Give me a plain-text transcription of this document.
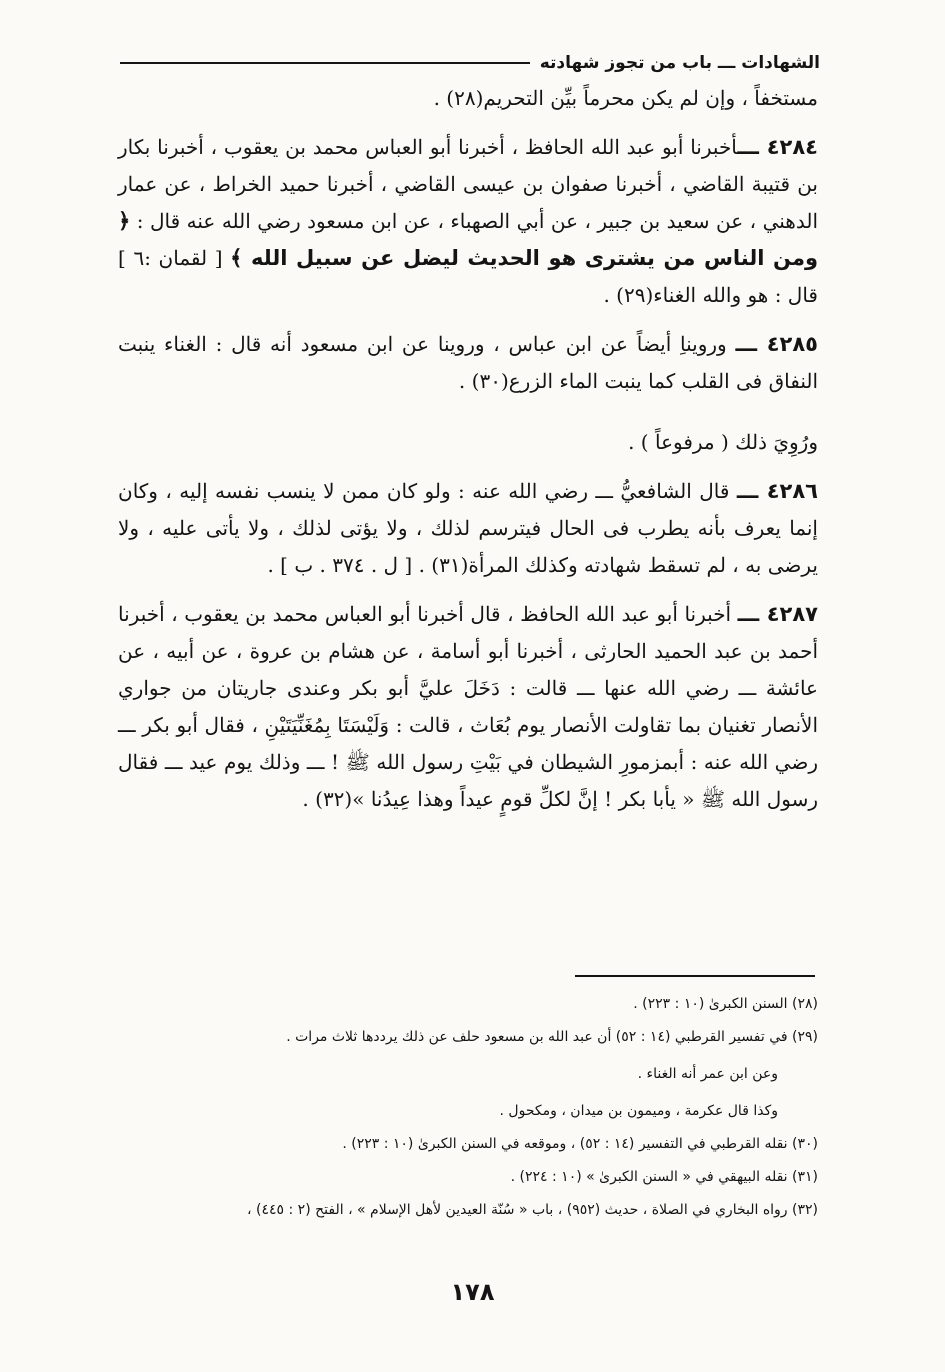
الشهادات ـــ باب من تجوز شهادته

مستخفاً ، وإن لم يكن محرماً بيِّن التحريم(٢٨) .

٤٢٨٤ ـــأخبرنا أبو عبد الله الحافظ ، أخبرنا أبو العباس محمد بن يعقوب ، أخبرنا بكار بن قتيبة القاضي ، أخبرنا صفوان بن عيسى القاضي ، أخبرنا حميد الخراط ، عن عمار الدهني ، عن سعيد بن جبير ، عن أبي الصهباء ، عن ابن مسعود رضي الله عنه قال : ﴿ ومن الناس من يشترى هو الحديث ليضل عن سبيل الله ﴾ [ لقمان :٦ ] قال : هو والله الغناء(٢٩) .

٤٢٨٥ ـــ ورويناِ أيضاً عن ابن عباس ، وروينا عن ابن مسعود أنه قال : الغناء ينبت النفاق فى القلب كما ينبت الماء الزرع(٣٠) .

ورُوِيَ ذلك ( مرفوعاً ) .

٤٢٨٦ ـــ قال الشافعيُّ ـــ رضي الله عنه : ولو كان ممن لا ينسب نفسه إليه ، وكان إنما يعرف بأنه يطرب فى الحال فيترسم لذلك ، ولا يؤتى لذلك ، ولا يأتى عليه ، ولا يرضى به ، لم تسقط شهادته وكذلك المرأة(٣١) . [ ل . ٣٧٤ . ب ] .

٤٢٨٧ ـــ أخبرنا أبو عبد الله الحافظ ، قال أخبرنا أبو العباس محمد بن يعقوب ، أخبرنا أحمد بن عبد الحميد الحارثى ، أخبرنا أبو أسامة ، عن هشام بن عروة ، عن أبيه ، عن عائشة ـــ رضي الله عنها ـــ قالت : دَخَلَ عليَّ أبو بكر وعندى جاريتان من جواري الأنصار تغنيان بما تقاولت الأنصار يوم بُعَاث ، قالت : وَلَيْسَتَا بِمُغَنِّيَتَيْنِ ، فقال أبو بكر ـــ رضي الله عنه : أبمزمورِ الشيطان في بَيْتِ رسول الله ﷺ ! ـــ وذلك يوم عيد ـــ فقال رسول الله ﷺ « يأبا بكر ! إنَّ لكلِّ قومٍ عيداً وهذا عِيدُنا »(٣٢) .

(٢٨) السنن الكبرىٰ (١٠ : ٢٢٣) .

(٢٩) في تفسير القرطبي (١٤ : ٥٢) أن عبد الله بن مسعود حلف عن ذلك يرددها ثلاث مرات .

وعن ابن عمر أنه الغناء .

وكذا قال عكرمة ، وميمون بن ميدان ، ومكحول .

(٣٠) نقله القرطبي في التفسير (١٤ : ٥٢) ، وموقعه في السنن الكبرىٰ (١٠ : ٢٢٣) .

(٣١) نقله البيهقي في « السنن الكبرىٰ » (١٠ : ٢٢٤) .

(٣٢) رواه البخاري في الصلاة ، حديث (٩٥٢) ، باب « سُنّة العيدين لأهل الإسلام » ، الفتح (٢ : ٤٤٥) ،

١٧٨
